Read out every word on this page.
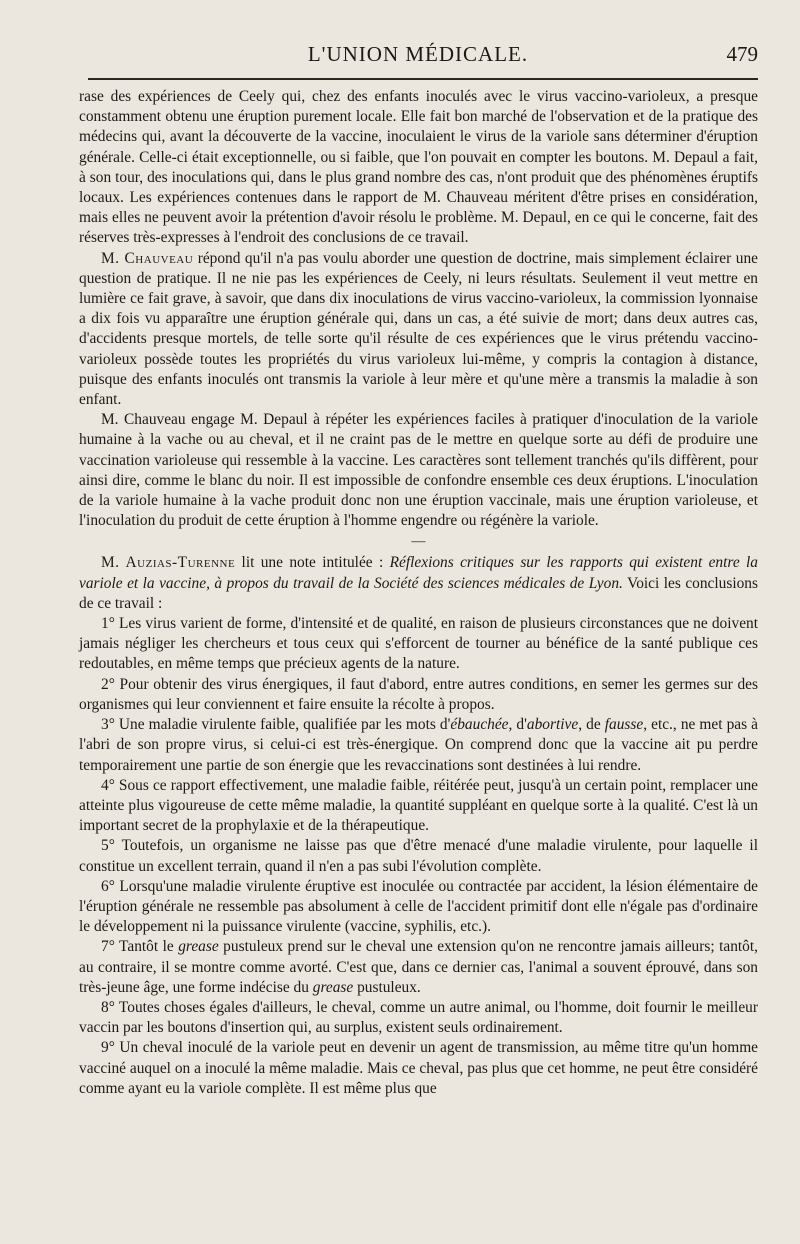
L'UNION MÉDICALE.	479

rase des expériences de Ceely qui, chez des enfants inoculés avec le virus vaccino-varioleux, a presque constamment obtenu une éruption purement locale. Elle fait bon marché de l'observation et de la pratique des médecins qui, avant la découverte de la vaccine, inoculaient le virus de la variole sans déterminer d'éruption générale. Celle-ci était exceptionnelle, ou si faible, que l'on pouvait en compter les boutons. M. Depaul a fait, à son tour, des inoculations qui, dans le plus grand nombre des cas, n'ont produit que des phénomènes éruptifs locaux. Les expériences contenues dans le rapport de M. Chauveau méritent d'être prises en considération, mais elles ne peuvent avoir la prétention d'avoir résolu le problème. M. Depaul, en ce qui le concerne, fait des réserves très-expresses à l'endroit des conclusions de ce travail.

M. Chauveau répond qu'il n'a pas voulu aborder une question de doctrine, mais simplement éclairer une question de pratique. Il ne nie pas les expériences de Ceely, ni leurs résultats. Seulement il veut mettre en lumière ce fait grave, à savoir, que dans dix inoculations de virus vaccino-varioleux, la commission lyonnaise a dix fois vu apparaître une éruption générale qui, dans un cas, a été suivie de mort; dans deux autres cas, d'accidents presque mortels, de telle sorte qu'il résulte de ces expériences que le virus prétendu vaccino-varioleux possède toutes les propriétés du virus varioleux lui-même, y compris la contagion à distance, puisque des enfants inoculés ont transmis la variole à leur mère et qu'une mère a transmis la maladie à son enfant.

M. Chauveau engage M. Depaul à répéter les expériences faciles à pratiquer d'inoculation de la variole humaine à la vache ou au cheval, et il ne craint pas de le mettre en quelque sorte au défi de produire une vaccination varioleuse qui ressemble à la vaccine. Les caractères sont tellement tranchés qu'ils diffèrent, pour ainsi dire, comme le blanc du noir. Il est impossible de confondre ensemble ces deux éruptions. L'inoculation de la variole humaine à la vache produit donc non une éruption vaccinale, mais une éruption varioleuse, et l'inoculation du produit de cette éruption à l'homme engendre ou régénère la variole.

—

M. Auzias-Turenne lit une note intitulée : Réflexions critiques sur les rapports qui existent entre la variole et la vaccine, à propos du travail de la Société des sciences médicales de Lyon. Voici les conclusions de ce travail :

1° Les virus varient de forme, d'intensité et de qualité, en raison de plusieurs circonstances que ne doivent jamais négliger les chercheurs et tous ceux qui s'efforcent de tourner au bénéfice de la santé publique ces redoutables, en même temps que précieux agents de la nature.

2° Pour obtenir des virus énergiques, il faut d'abord, entre autres conditions, en semer les germes sur des organismes qui leur conviennent et faire ensuite la récolte à propos.

3° Une maladie virulente faible, qualifiée par les mots d'ébauchée, d'abortive, de fausse, etc., ne met pas à l'abri de son propre virus, si celui-ci est très-énergique. On comprend donc que la vaccine ait pu perdre temporairement une partie de son énergie que les revaccinations sont destinées à lui rendre.

4° Sous ce rapport effectivement, une maladie faible, réitérée peut, jusqu'à un certain point, remplacer une atteinte plus vigoureuse de cette même maladie, la quantité suppléant en quelque sorte à la qualité. C'est là un important secret de la prophylaxie et de la thérapeutique.

5° Toutefois, un organisme ne laisse pas que d'être menacé d'une maladie virulente, pour laquelle il constitue un excellent terrain, quand il n'en a pas subi l'évolution complète.

6° Lorsqu'une maladie virulente éruptive est inoculée ou contractée par accident, la lésion élémentaire de l'éruption générale ne ressemble pas absolument à celle de l'accident primitif dont elle n'égale pas d'ordinaire le développement ni la puissance virulente (vaccine, syphilis, etc.).

7° Tantôt le grease pustuleux prend sur le cheval une extension qu'on ne rencontre jamais ailleurs; tantôt, au contraire, il se montre comme avorté. C'est que, dans ce dernier cas, l'animal a souvent éprouvé, dans son très-jeune âge, une forme indécise du grease pustuleux.

8° Toutes choses égales d'ailleurs, le cheval, comme un autre animal, ou l'homme, doit fournir le meilleur vaccin par les boutons d'insertion qui, au surplus, existent seuls ordinairement.

9° Un cheval inoculé de la variole peut en devenir un agent de transmission, au même titre qu'un homme vacciné auquel on a inoculé la même maladie. Mais ce cheval, pas plus que cet homme, ne peut être considéré comme ayant eu la variole complète. Il est même plus que
